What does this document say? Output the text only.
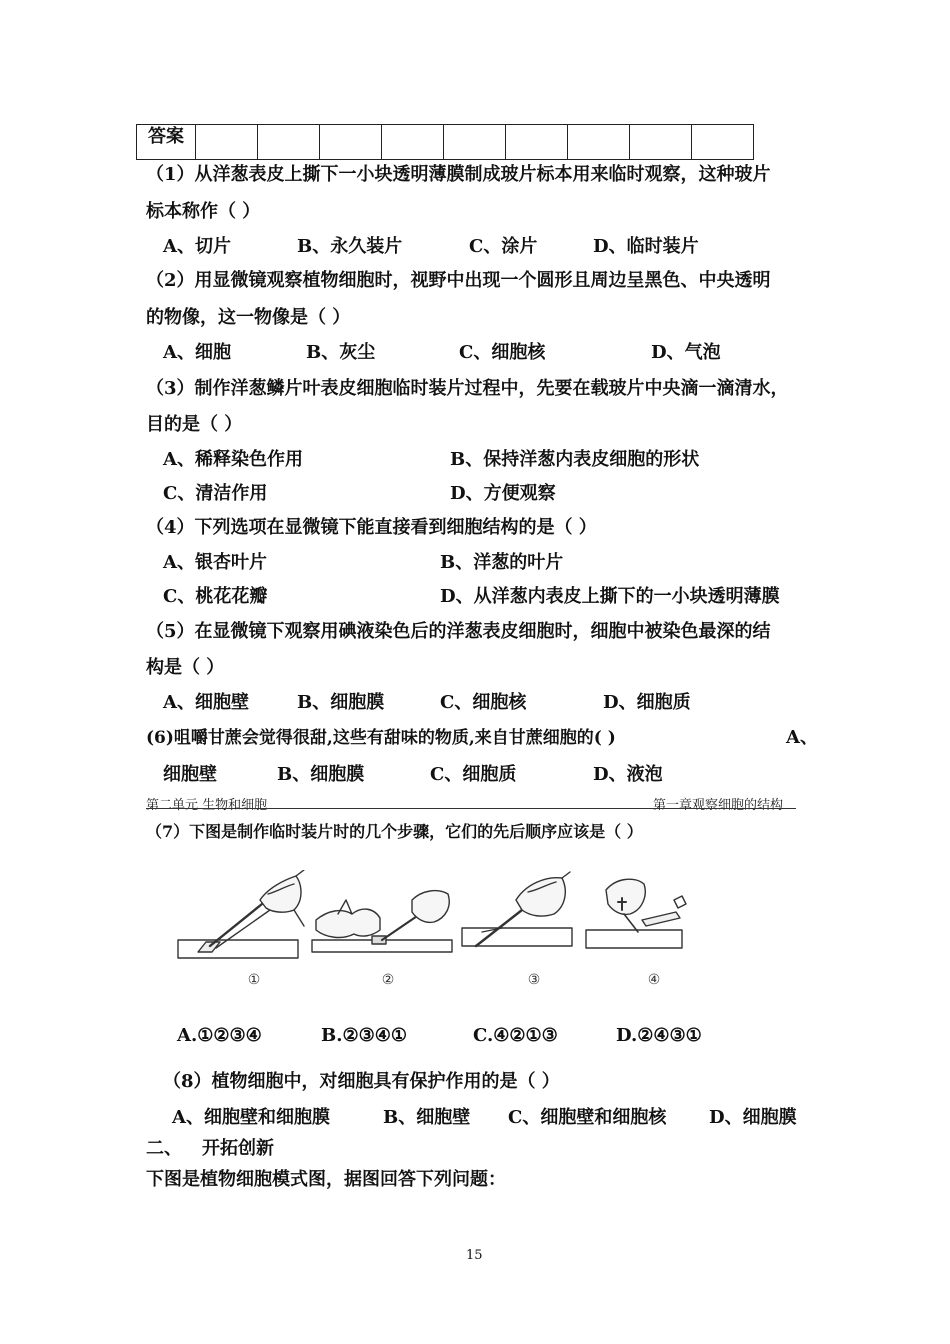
答案									
（1）从洋葱表皮上撕下一小块透明薄膜制成玻片标本用来临时观察，这种玻片
标本称作（ ）
A、切片	B、永久装片	C、涂片	D、临时装片
（2）用显微镜观察植物细胞时，视野中出现一个圆形且周边呈黑色、中央透明
的物像，这一物像是（ ）
A、细胞	B、灰尘	C、细胞核	D、气泡
（3）制作洋葱鳞片叶表皮细胞临时装片过程中，先要在载玻片中央滴一滴清水，
目的是（ ）
A、稀释染色作用	B、保持洋葱内表皮细胞的形状
C、清洁作用	D、方便观察
（4）下列选项在显微镜下能直接看到细胞结构的是（ ）
A、银杏叶片	B、洋葱的叶片
C、桃花花瓣	D、从洋葱内表皮上撕下的一小块透明薄膜
（5）在显微镜下观察用碘液染色后的洋葱表皮细胞时，细胞中被染色最深的结
构是（ ）
A、细胞壁	B、细胞膜	C、细胞核	D、细胞质
(6)咀嚼甘蔗会觉得很甜,这些有甜味的物质,来自甘蔗细胞的( )	A、
细胞壁	B、细胞膜	C、细胞质	D、液泡
第二单元 生物和细胞	第一章观察细胞的结构
（7）下图是制作临时装片时的几个步骤，它们的先后顺序应该是（ ）
①	②	③	④
A.①②③④	B.②③④①	C.④②①③	D.②④③①
（8）植物细胞中，对细胞具有保护作用的是（ ）
A、细胞壁和细胞膜	B、细胞壁 C、细胞壁和细胞核 D、细胞膜
二、 开拓创新
下图是植物细胞模式图，据图回答下列问题：
15
